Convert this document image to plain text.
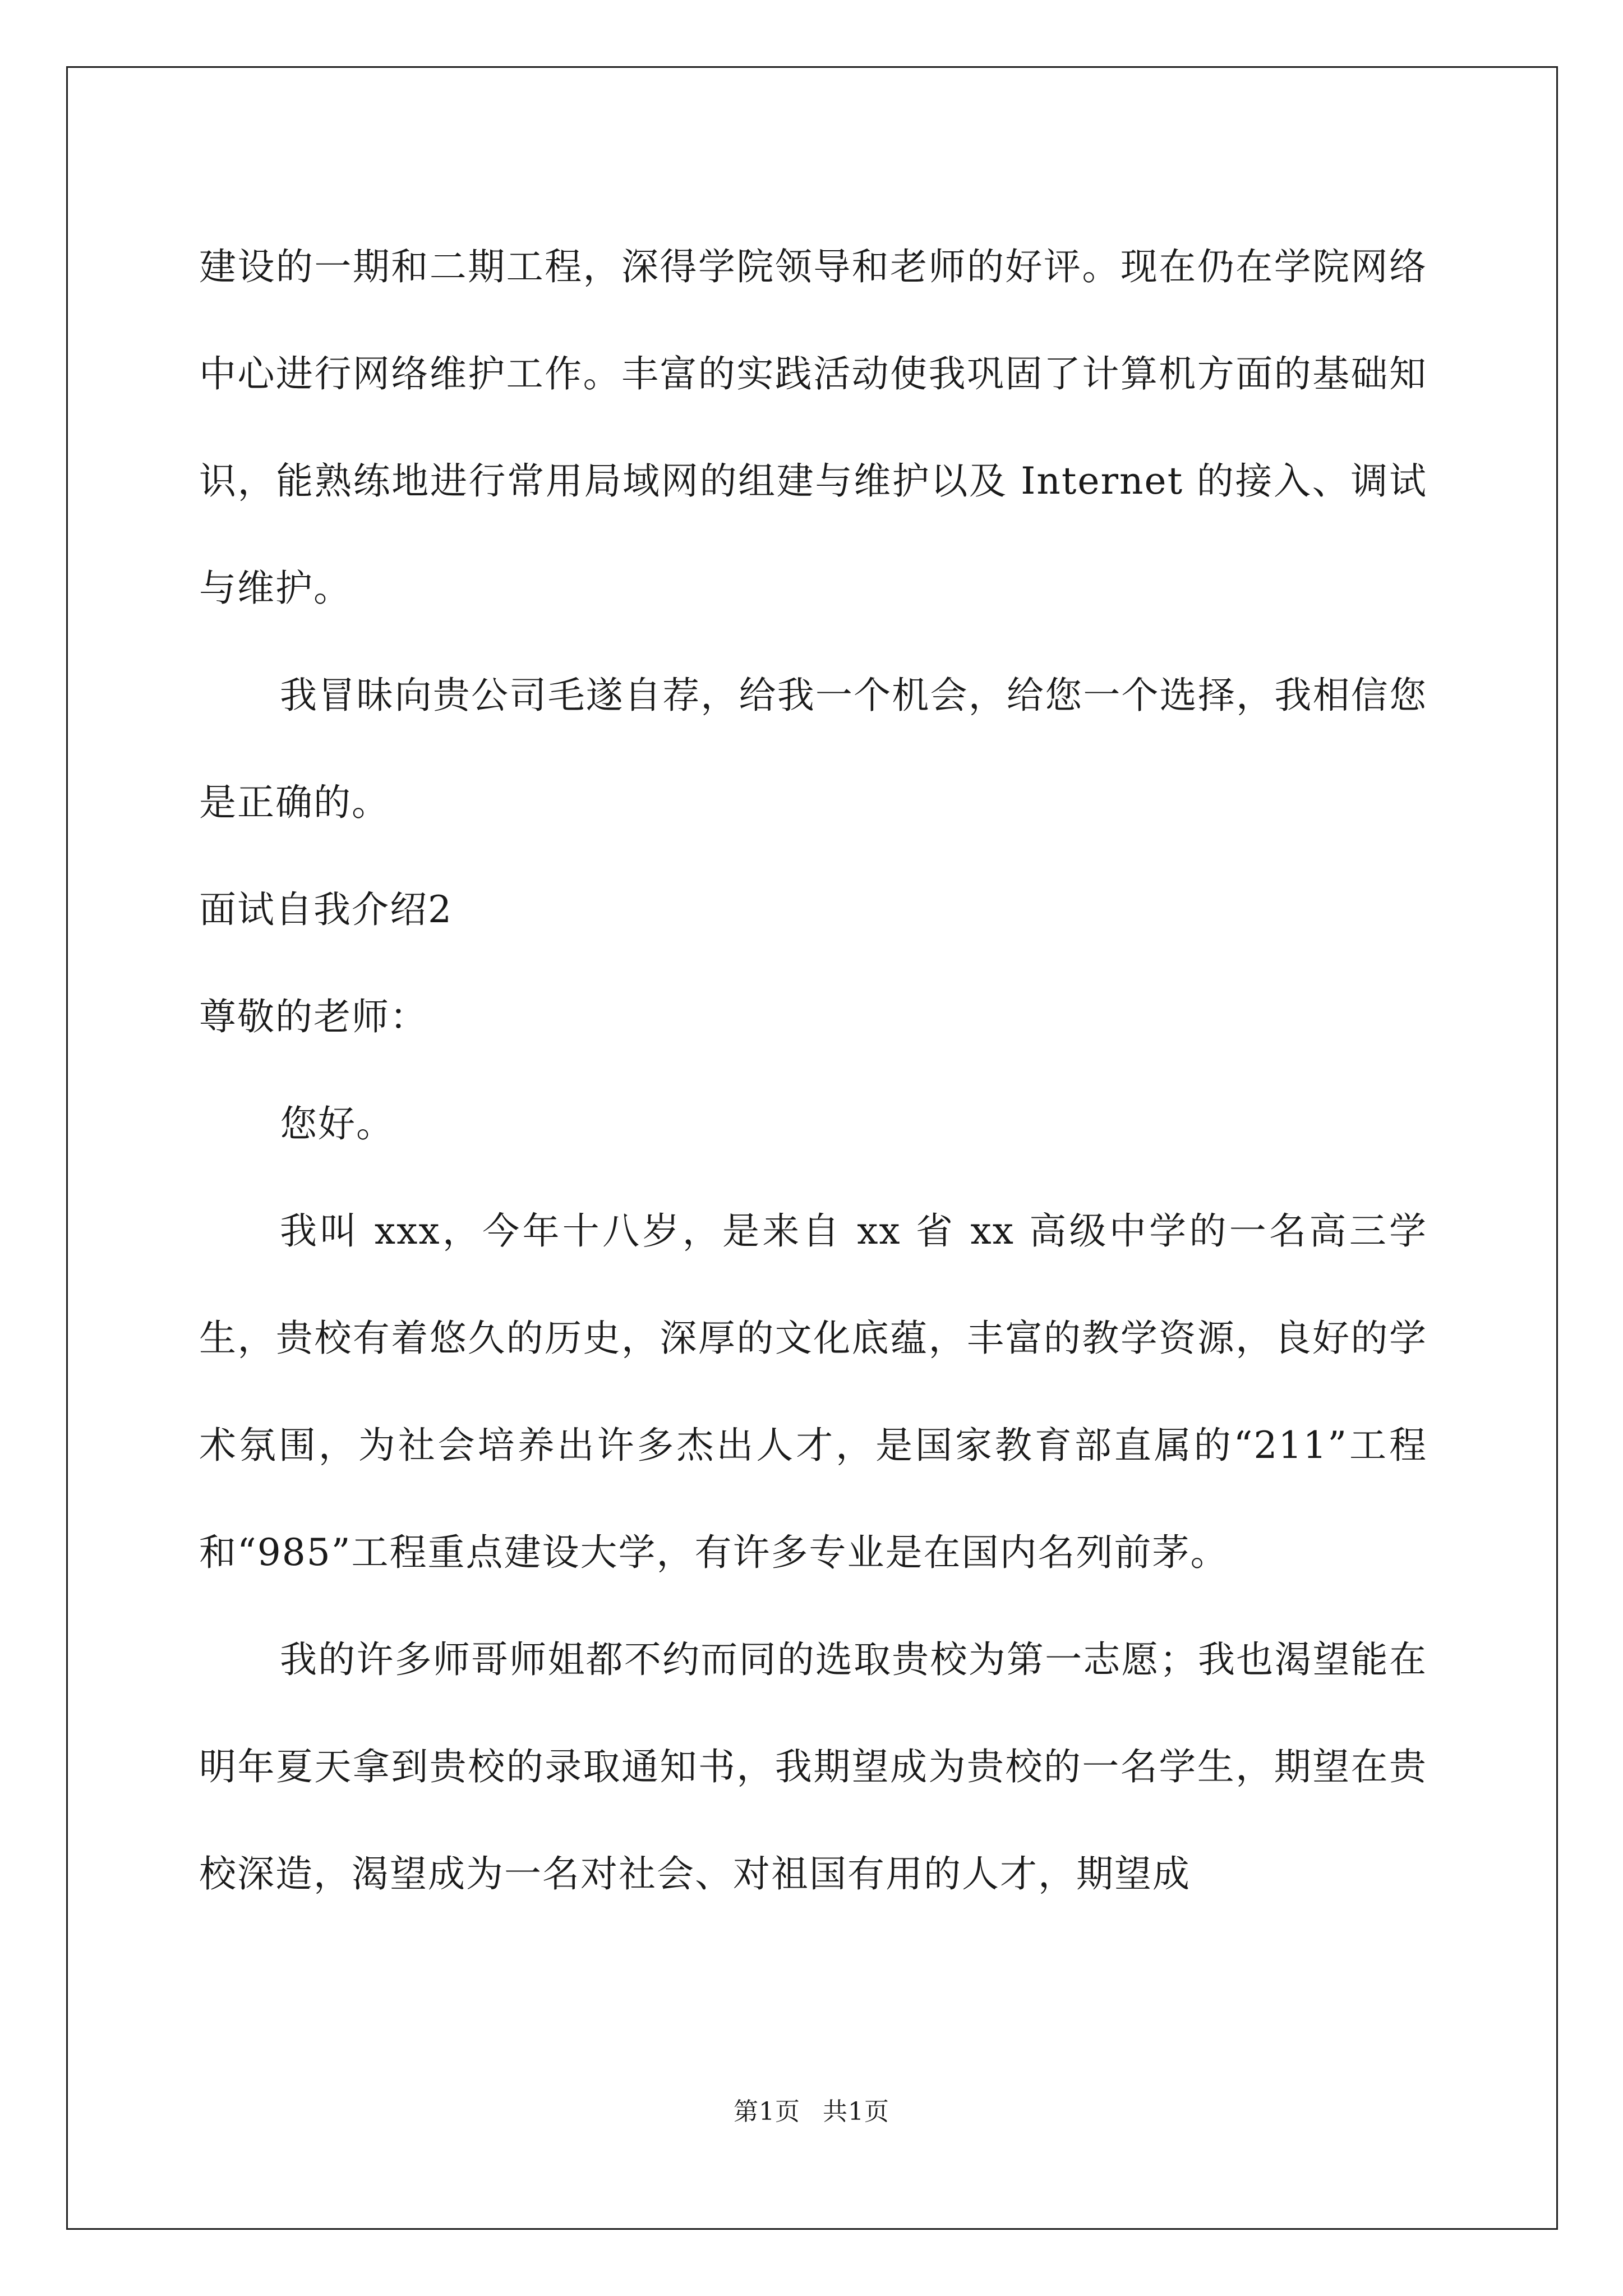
建设的一期和二期工程，深得学院领导和老师的好评。现在仍在学院网络中心进行网络维护工作。丰富的实践活动使我巩固了计算机方面的基础知识，能熟练地进行常用局域网的组建与维护以及 Internet 的接入、调试与维护。

我冒昧向贵公司毛遂自荐，给我一个机会，给您一个选择，我相信您是正确的。

面试自我介绍2

尊敬的老师：

您好。

我叫 xxx，今年十八岁，是来自 xx 省 xx 高级中学的一名高三学生，贵校有着悠久的历史，深厚的文化底蕴，丰富的教学资源，良好的学术氛围，为社会培养出许多杰出人才，是国家教育部直属的“211”工程和“985”工程重点建设大学，有许多专业是在国内名列前茅。

我的许多师哥师姐都不约而同的选取贵校为第一志愿；我也渴望能在明年夏天拿到贵校的录取通知书，我期望成为贵校的一名学生，期望在贵校深造，渴望成为一名对社会、对祖国有用的人才，期望成

第1页 共1页
